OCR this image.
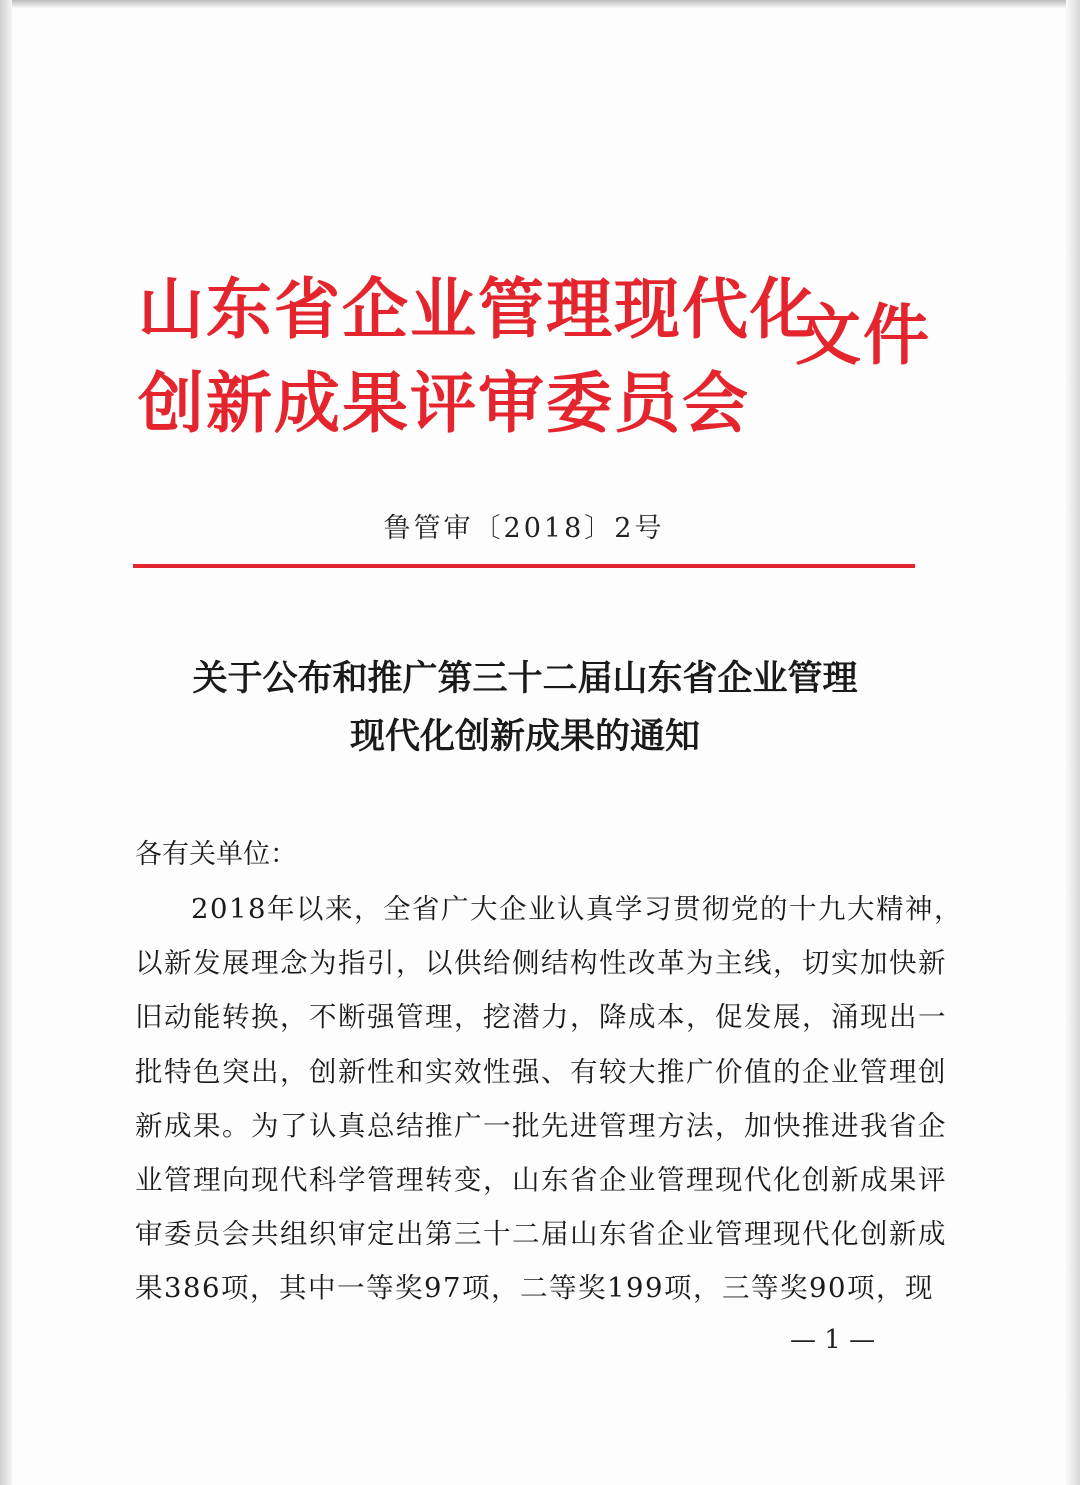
山东省企业管理现代化
创新成果评审委员会
文件
鲁管审〔2018〕2号
关于公布和推广第三十二届山东省企业管理
现代化创新成果的通知
各有关单位：
2018年以来，全省广大企业认真学习贯彻党的十九大精神，
以新发展理念为指引，以供给侧结构性改革为主线，切实加快新
旧动能转换，不断强管理，挖潜力，降成本，促发展，涌现出一
批特色突出，创新性和实效性强、有较大推广价值的企业管理创
新成果。为了认真总结推广一批先进管理方法，加快推进我省企
业管理向现代科学管理转变，山东省企业管理现代化创新成果评
审委员会共组织审定出第三十二届山东省企业管理现代化创新成
果386项，其中一等奖97项，二等奖199项，三等奖90项，现
— 1 —
